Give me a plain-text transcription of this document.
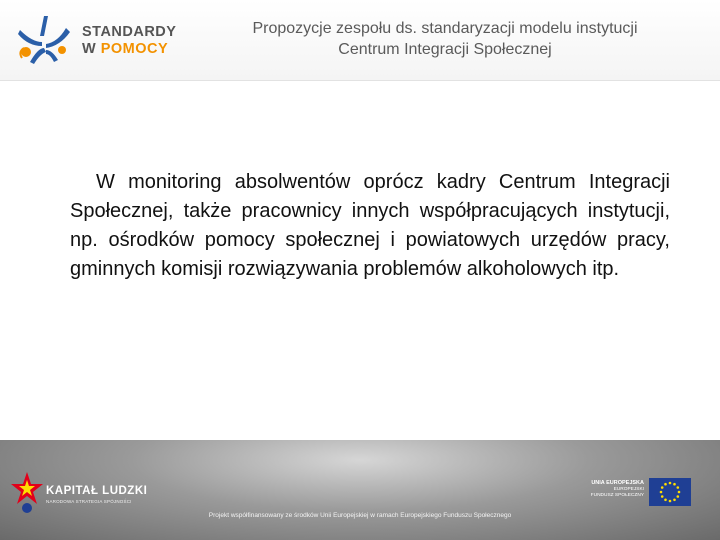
STANDARDY
W POMOCY
Propozycje zespołu ds. standaryzacji modelu instytucji
Centrum Integracji Społecznej
W monitoring absolwentów oprócz kadry Centrum Integracji Społecznej, także pracownicy innych współpracujących instytucji, np. ośrodków pomocy społecznej i powiatowych urzędów pracy, gminnych komisji rozwiązywania problemów alkoholowych itp.
KAPITAŁ LUDZKI
NARODOWA STRATEGIA SPÓJNOŚCI
UNIA EUROPEJSKA
EUROPEJSKI
FUNDUSZ SPOŁECZNY
Projekt współfinansowany ze środków Unii Europejskiej w ramach Europejskiego Funduszu Społecznego
